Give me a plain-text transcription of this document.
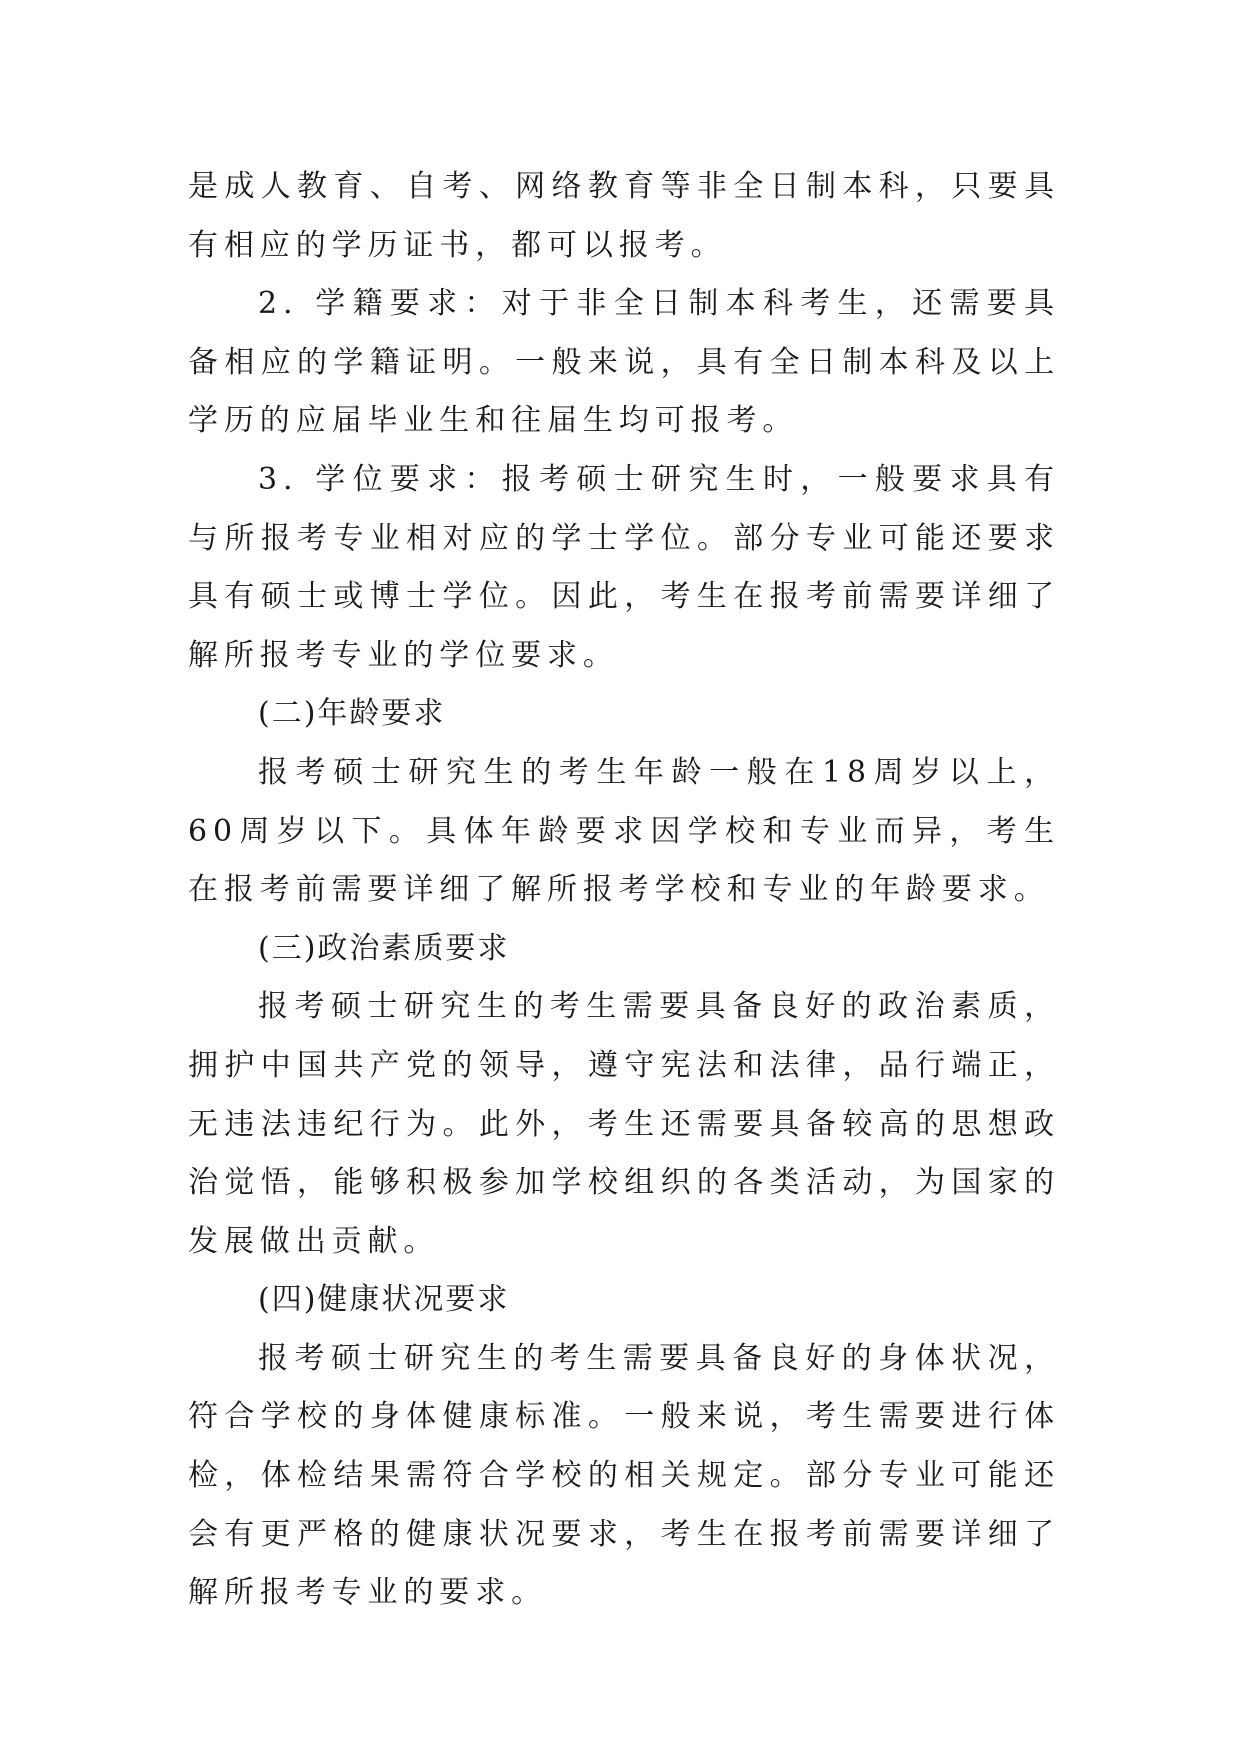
是成人教育、自考、网络教育等非全日制本科，只要具有相应的学历证书，都可以报考。

2. 学籍要求：对于非全日制本科考生，还需要具备相应的学籍证明。一般来说，具有全日制本科及以上学历的应届毕业生和往届生均可报考。

3. 学位要求：报考硕士研究生时，一般要求具有与所报考专业相对应的学士学位。部分专业可能还要求具有硕士或博士学位。因此，考生在报考前需要详细了解所报考专业的学位要求。

(二)年龄要求

报考硕士研究生的考生年龄一般在18周岁以上，60周岁以下。具体年龄要求因学校和专业而异，考生在报考前需要详细了解所报考学校和专业的年龄要求。

(三)政治素质要求

报考硕士研究生的考生需要具备良好的政治素质，拥护中国共产党的领导，遵守宪法和法律，品行端正，无违法违纪行为。此外，考生还需要具备较高的思想政治觉悟，能够积极参加学校组织的各类活动，为国家的发展做出贡献。

(四)健康状况要求

报考硕士研究生的考生需要具备良好的身体状况，符合学校的身体健康标准。一般来说，考生需要进行体检，体检结果需符合学校的相关规定。部分专业可能还会有更严格的健康状况要求，考生在报考前需要详细了解所报考专业的要求。
